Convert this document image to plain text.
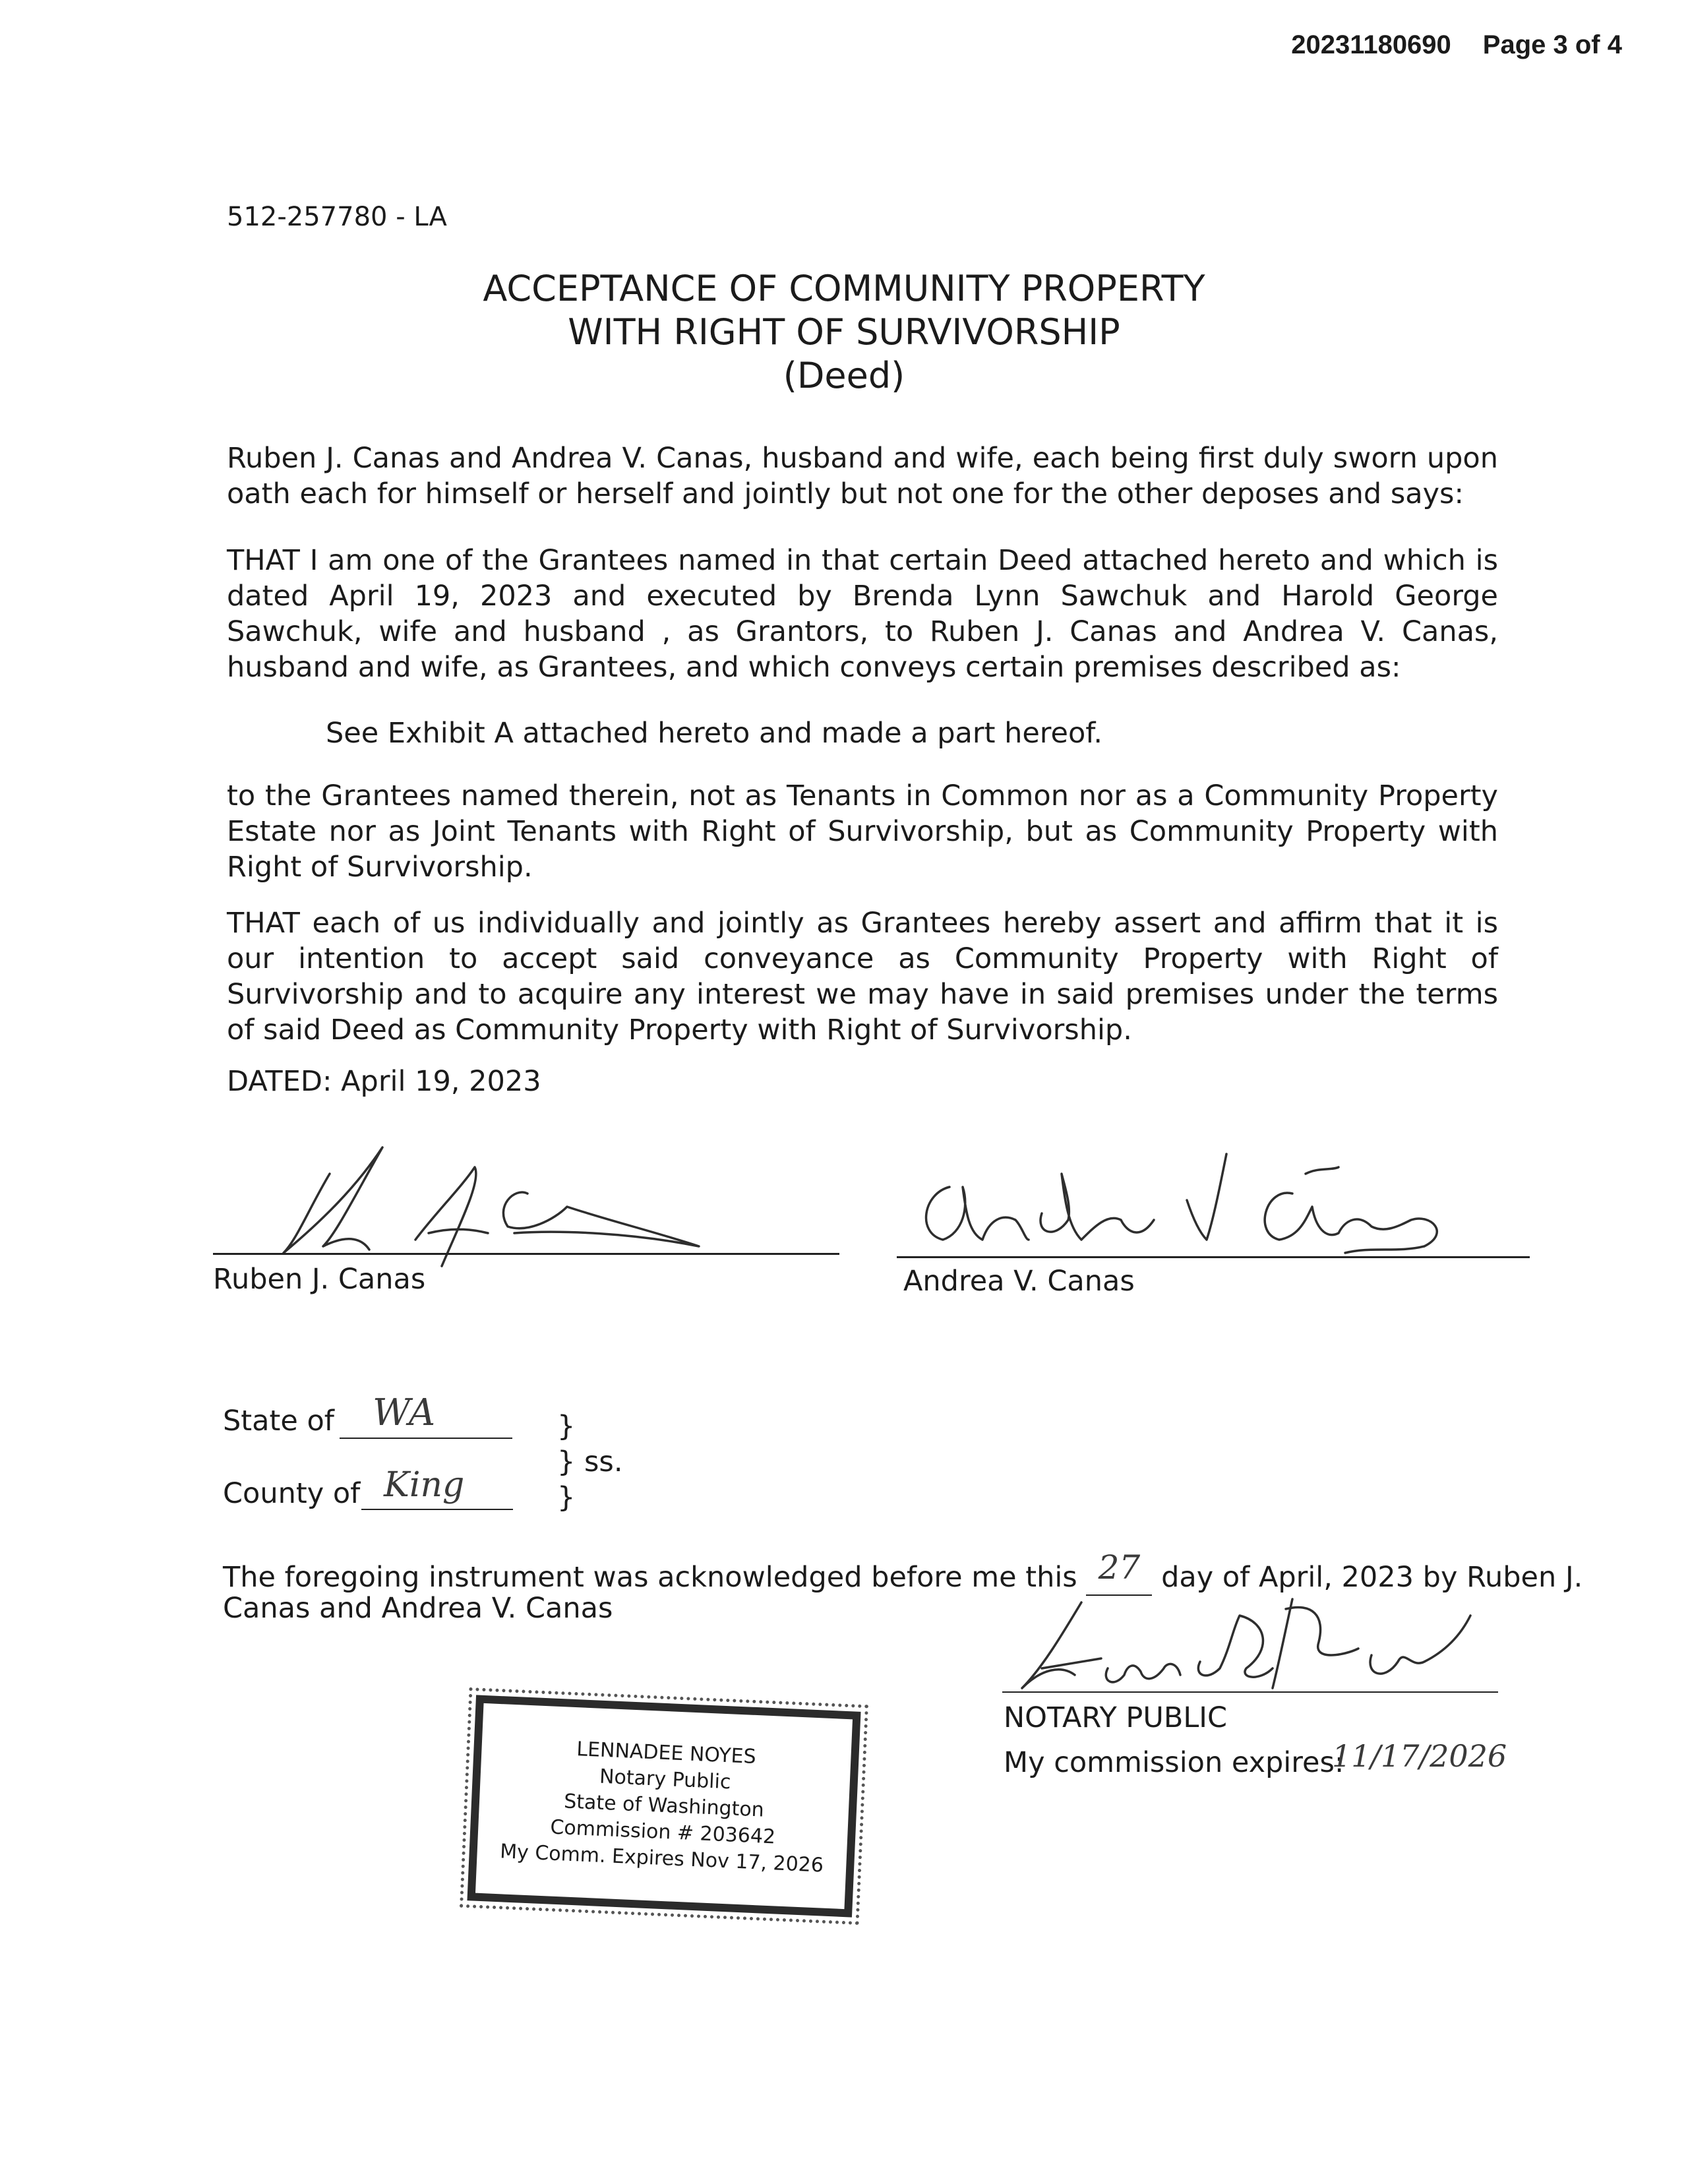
20231180690 Page 3 of 4
512-257780 - LA
ACCEPTANCE OF COMMUNITY PROPERTY
WITH RIGHT OF SURVIVORSHIP
(Deed)

Ruben J. Canas and Andrea V. Canas, husband and wife, each being first duly sworn upon oath each for himself or herself and jointly but not one for the other deposes and says:

THAT I am one of the Grantees named in that certain Deed attached hereto and which is dated April 19, 2023 and executed by Brenda Lynn Sawchuk and Harold George Sawchuk, wife and husband , as Grantors, to Ruben J. Canas and Andrea V. Canas, husband and wife, as Grantees, and which conveys certain premises described as:

See Exhibit A attached hereto and made a part hereof.

to the Grantees named therein, not as Tenants in Common nor as a Community Property Estate nor as Joint Tenants with Right of Survivorship, but as Community Property with Right of Survivorship.

THAT each of us individually and jointly as Grantees hereby assert and affirm that it is our intention to accept said conveyance as Community Property with Right of Survivorship and to acquire any interest we may have in said premises under the terms of said Deed as Community Property with Right of Survivorship.

DATED: April 19, 2023
Ruben J. Canas	Andrea V. Canas
State of WA
County of King
}
} ss.
}
The foregoing instrument was acknowledged before me this 27 day of April, 2023 by Ruben J.
Canas and Andrea V. Canas
NOTARY PUBLIC
My commission expires:
11/17/2026
LENNADEE NOYES
Notary Public
State of Washington
Commission # 203642
My Comm. Expires Nov 17, 2026
